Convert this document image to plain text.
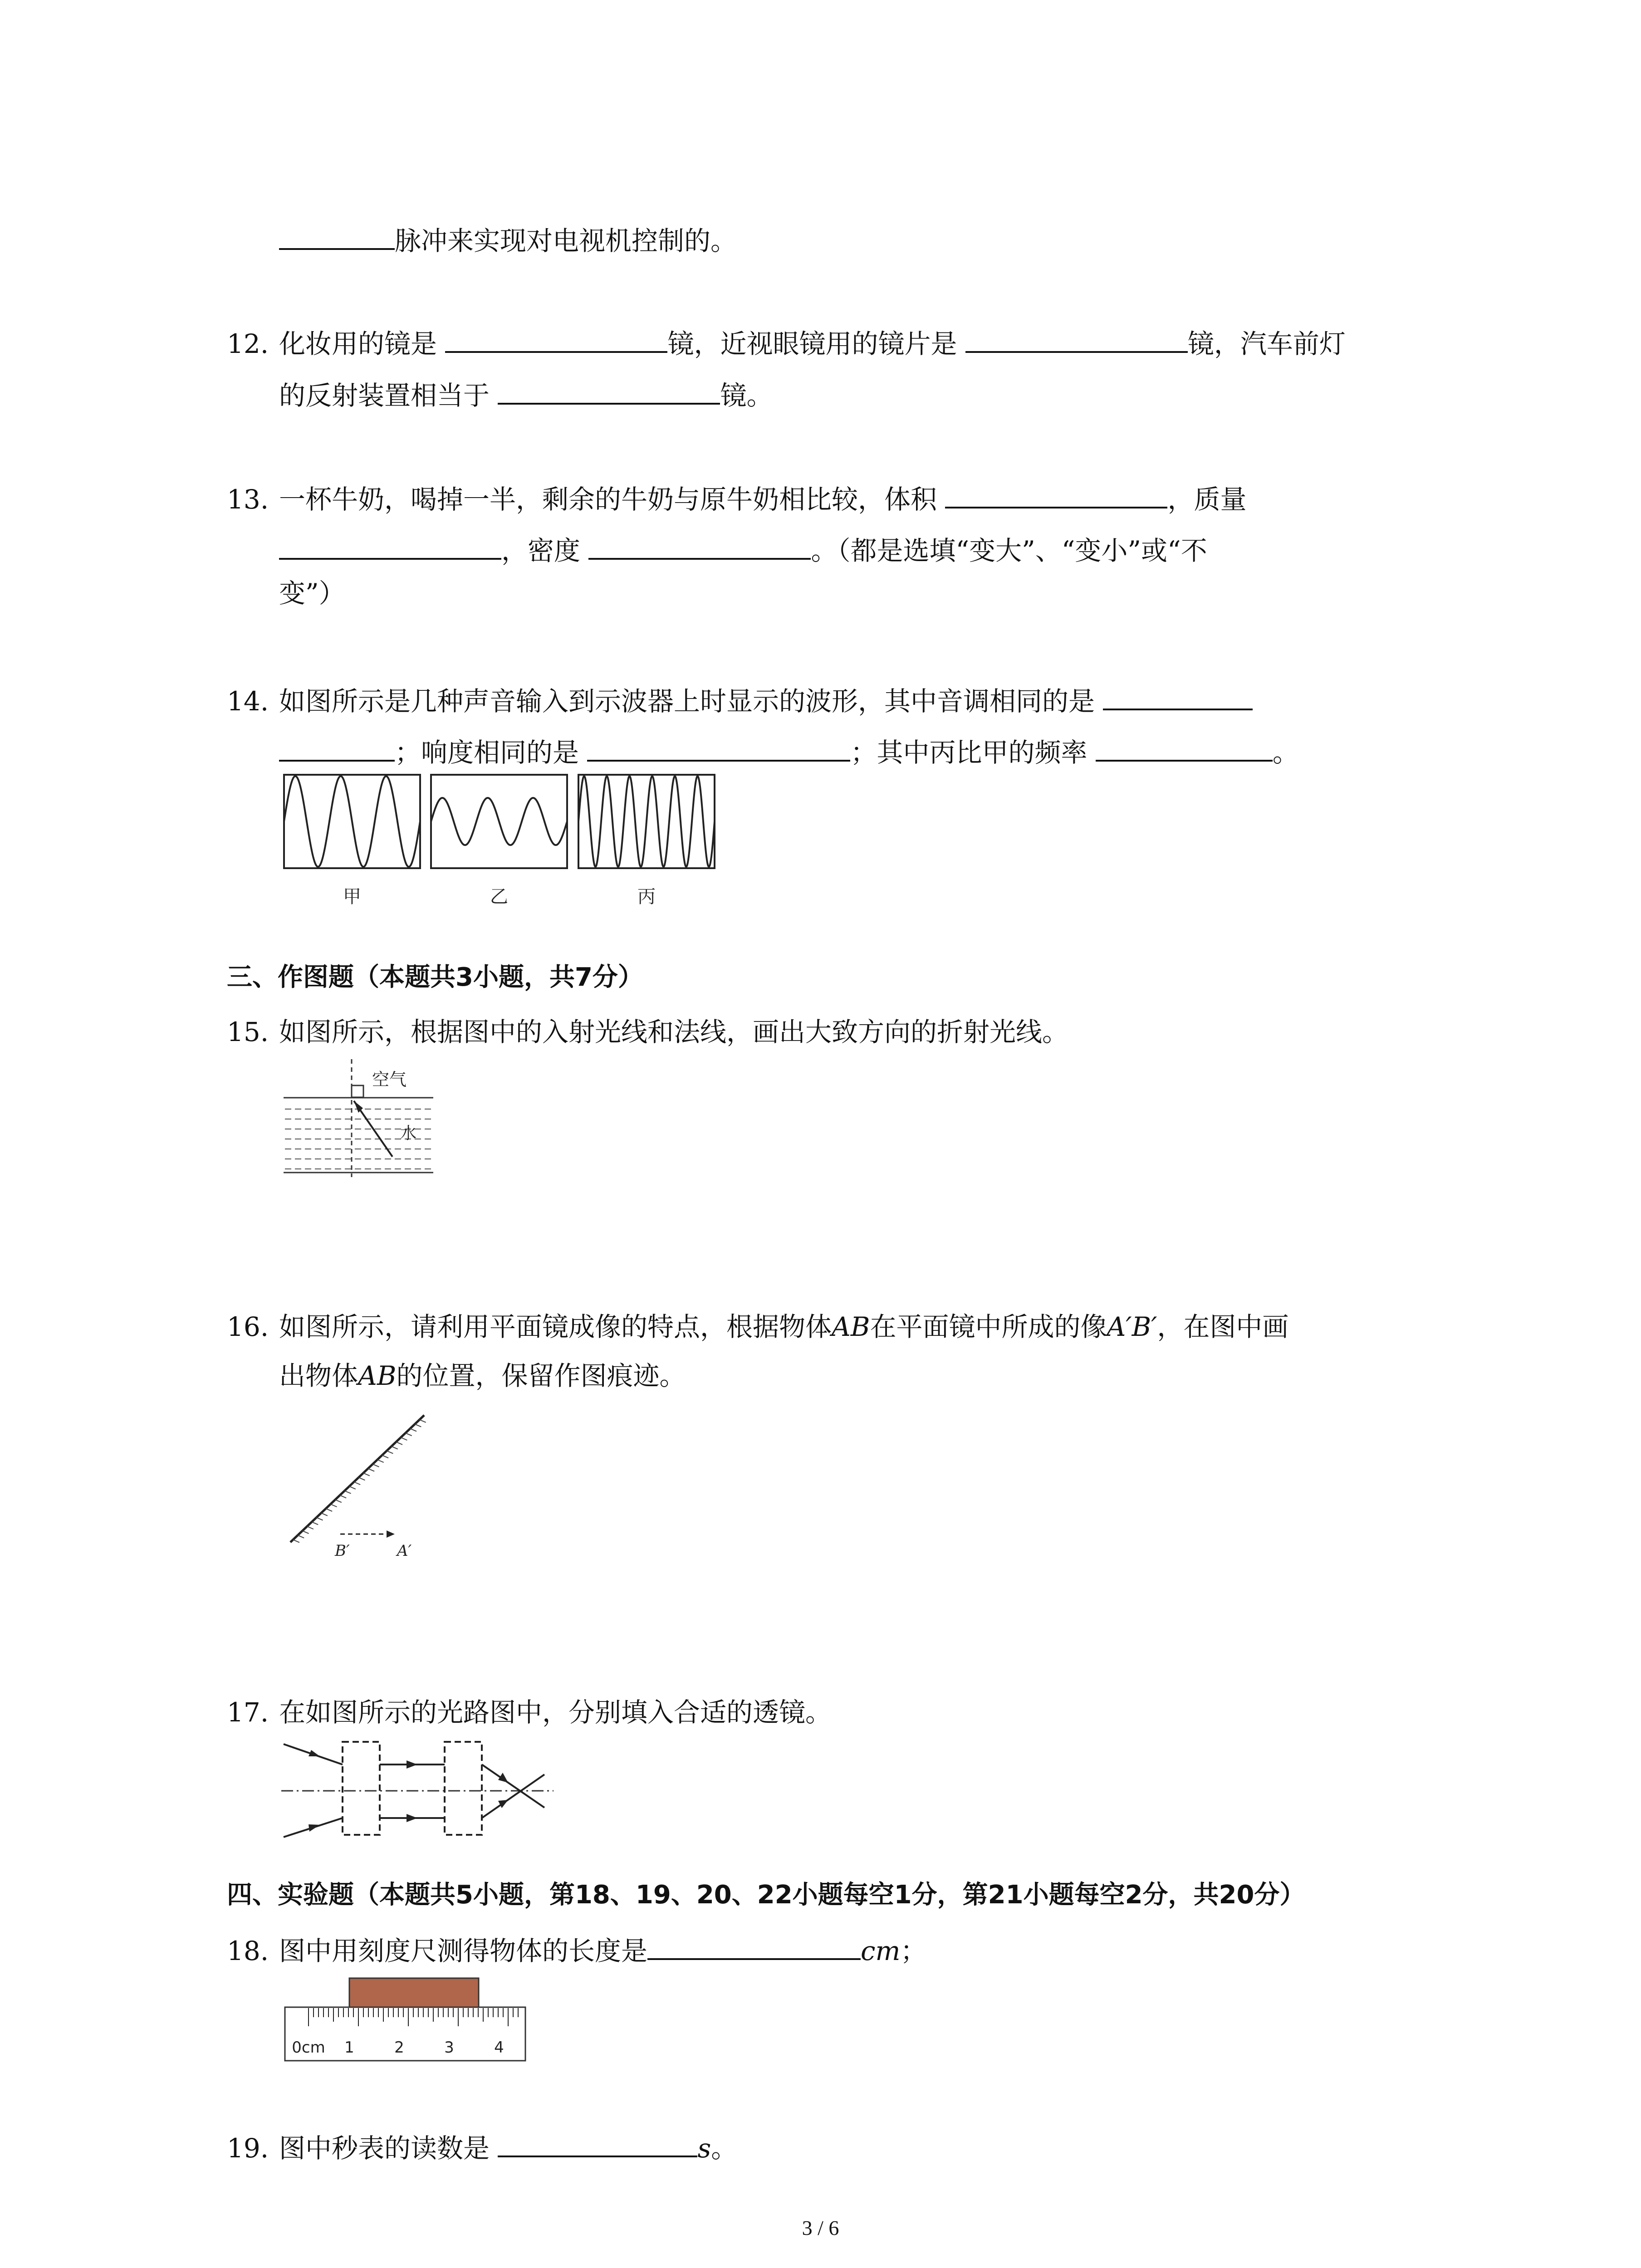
脉冲来实现对电视机控制的。
12. 化妆用的镜是	镜，近视眼镜用的镜片是	镜，汽车前灯
的反射装置相当于	镜。
13. 一杯牛奶，喝掉一半，剩余的牛奶与原牛奶相比较，体积	，质量
，密度	。（都是选填“变大”、“变小”或“不
变”）
14. 如图所示是几种声音输入到示波器上时显示的波形，其中音调相同的是
；响度相同的是	；其中丙比甲的频率	。
甲	乙	丙
三、作图题（本题共3小题，共7分）
15. 如图所示，根据图中的入射光线和法线，画出大致方向的折射光线。
空气
水
16. 如图所示，请利用平面镜成像的特点，根据物体AB在平面镜中所成的像A′B′，在图中画
出物体AB的位置，保留作图痕迹。
B′	A′
17. 在如图所示的光路图中，分别填入合适的透镜。
四、实验题（本题共5小题，第18、19、20、22小题每空1分，第21小题每空2分，共20分）
18. 图中用刻度尺测得物体的长度是	cm；
0cm 1	2	3	4
19. 图中秒表的读数是	s。
3 / 6
